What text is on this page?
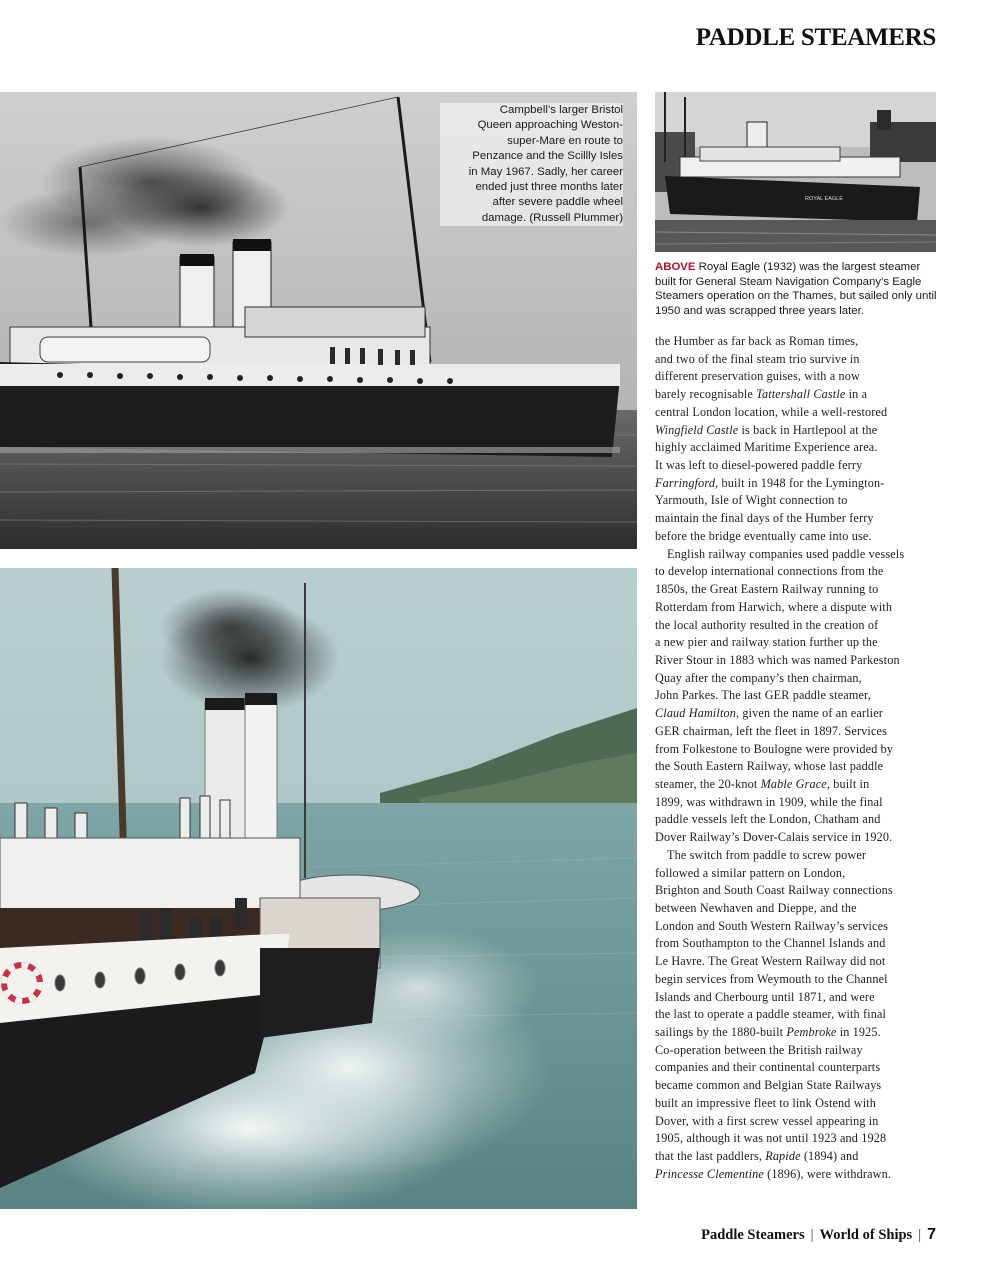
PADDLE STEAMERS
Campbell’s larger Bristol
Queen approaching Weston-
super-Mare en route to
Penzance and the Scillly Isles
in May 1967. Sadly, her career
ended just three months later
after severe paddle wheel
damage. (Russell Plummer)
ROYAL EAGLE
ABOVE Royal Eagle (1932) was the largest steamer built for General Steam Navigation Company’s Eagle Steamers operation on the Thames, but sailed only until 1950 and was scrapped three years later.

the Humber as far back as Roman times,
and two of the final steam trio survive in
different preservation guises, with a now
barely recognisable Tattershall Castle in a
central London location, while a well-restored
Wingfield Castle is back in Hartlepool at the
highly acclaimed Maritime Experience area.
It was left to diesel-powered paddle ferry
Farringford, built in 1948 for the Lymington-
Yarmouth, Isle of Wight connection to
maintain the final days of the Humber ferry
before the bridge eventually came into use.

English railway companies used paddle vessels
to develop international connections from the
1850s, the Great Eastern Railway running to
Rotterdam from Harwich, where a dispute with
the local authority resulted in the creation of
a new pier and railway station further up the
River Stour in 1883 which was named Parkeston
Quay after the company’s then chairman,
John Parkes. The last GER paddle steamer,
Claud Hamilton, given the name of an earlier
GER chairman, left the fleet in 1897. Services
from Folkestone to Boulogne were provided by
the South Eastern Railway, whose last paddle
steamer, the 20-knot Mable Grace, built in
1899, was withdrawn in 1909, while the final
paddle vessels left the London, Chatham and
Dover Railway’s Dover-Calais service in 1920.

The switch from paddle to screw power
followed a similar pattern on London,
Brighton and South Coast Railway connections
between Newhaven and Dieppe, and the
London and South Western Railway’s services
from Southampton to the Channel Islands and
Le Havre. The Great Western Railway did not
begin services from Weymouth to the Channel
Islands and Cherbourg until 1871, and were
the last to operate a paddle steamer, with final
sailings by the 1880-built Pembroke in 1925.
Co-operation between the British railway
companies and their continental counterparts
became common and Belgian State Railways
built an impressive fleet to link Ostend with
Dover, with a first screw vessel appearing in
1905, although it was not until 1923 and 1928
that the last paddlers, Rapide (1894) and
Princesse Clementine (1896), were withdrawn.

Paddle Steamers | World of Ships | 7
